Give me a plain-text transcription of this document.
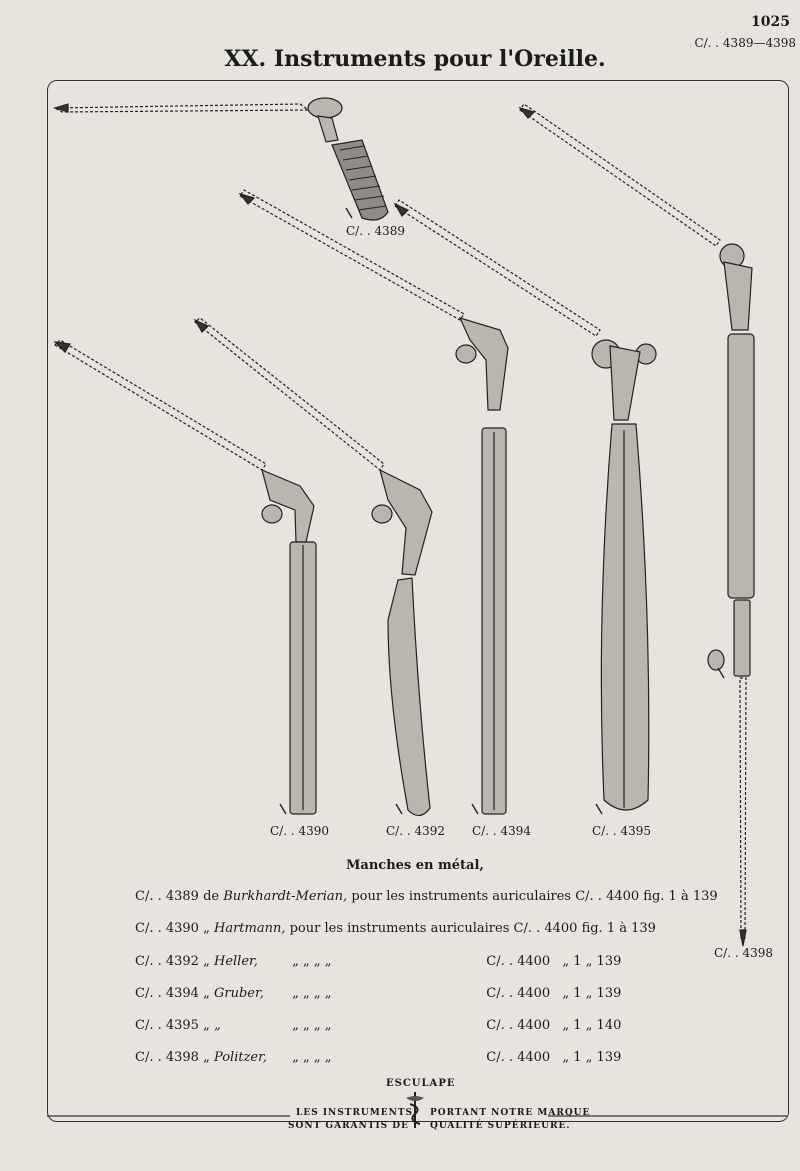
1025
C/. . 4389—4398
XX. Instruments pour l'Oreille.
C/. . 4389
C/. . 4390	C/. . 4392 C/. . 4394	C/. . 4395
C/. . 4398
Manches en métal,
C/. . 4389 de Burkhardt-Merian, pour les instruments auriculaires C/. . 4400 fig. 1 à 139
C/. . 4390 „ Hartmann, pour les instruments auriculaires C/. . 4400 fig. 1 à 139
C/. . 4392 „ Heller,	„ „ „ „	C/. . 4400 „ 1 „ 139
C/. . 4394 „ Gruber, „ „ „ „	C/. . 4400 „ 1 „ 139
C/. . 4395 „ „	„ „ „ „	C/. . 4400 „ 1 „ 140
C/. . 4398 „ Politzer, „ „ „ „	C/. . 4400 „ 1 „ 139
ESCULAPE
LES INSTRUMENTS
SONT GARANTIS DE
PORTANT NOTRE MARQUE
QUALITÉ SUPÉRIEURE.
